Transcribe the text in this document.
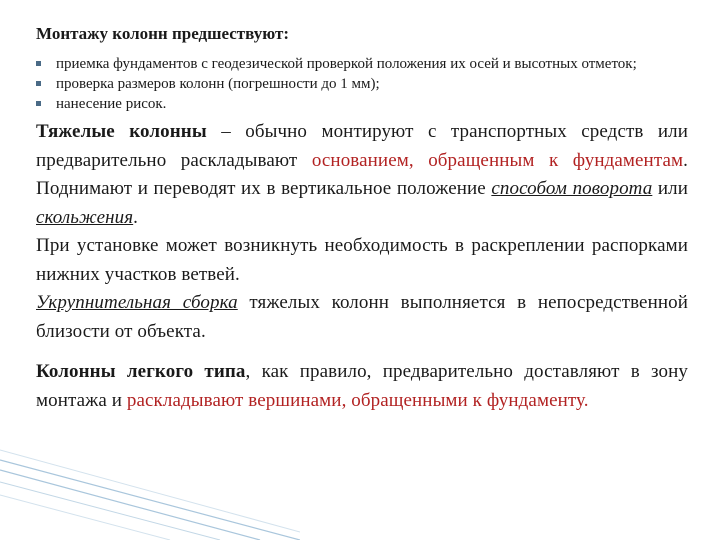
Монтажу колонн предшествуют:
приемка фундаментов с геодезической проверкой положения их осей и высотных отметок;
проверка размеров колонн (погрешности до 1 мм);
нанесение рисок.

Тяжелые колонны – обычно монтируют с транспортных средств или предварительно раскладывают основанием, обращенным к фундаментам. Поднимают и переводят их в вертикальное положение способом поворота или скольжения.

При установке может возникнуть необходимость в раскреплении распорками нижних участков ветвей.

Укрупнительная сборка тяжелых колонн выполняется в непосредственной близости от объекта.

Колонны легкого типа, как правило, предварительно доставляют в зону монтажа и раскладывают вершинами, обращенными к фундаменту.
